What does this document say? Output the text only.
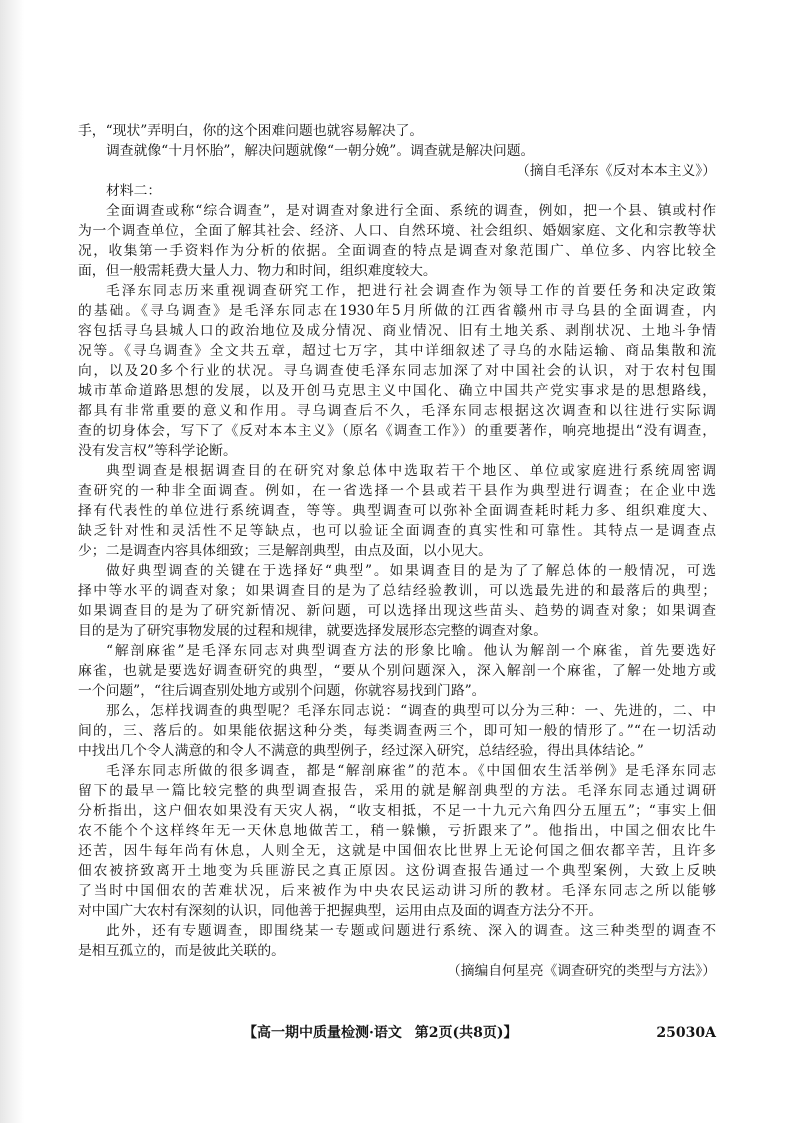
手，“现状”弄明白，你的这个困难问题也就容易解决了。
调查就像“十月怀胎”，解决问题就像“一朝分娩”。调查就是解决问题。
（摘自毛泽东《反对本本主义》）
材料二：
全面调查或称“综合调查”，是对调查对象进行全面、系统的调查，例如，把一个县、镇或村作
为一个调查单位，全面了解其社会、经济、人口、自然环境、社会组织、婚姻家庭、文化和宗教等状
况，收集第一手资料作为分析的依据。全面调查的特点是调查对象范围广、单位多、内容比较全
面，但一般需耗费大量人力、物力和时间，组织难度较大。
毛泽东同志历来重视调查研究工作，把进行社会调查作为领导工作的首要任务和决定政策
的基础。《寻乌调查》是毛泽东同志在1930年5月所做的江西省赣州市寻乌县的全面调查，内
容包括寻乌县城人口的政治地位及成分情况、商业情况、旧有土地关系、剥削状况、土地斗争情
况等。《寻乌调查》全文共五章，超过七万字，其中详细叙述了寻乌的水陆运输、商品集散和流
向，以及20多个行业的状况。寻乌调查使毛泽东同志加深了对中国社会的认识，对于农村包围
城市革命道路思想的发展，以及开创马克思主义中国化、确立中国共产党实事求是的思想路线，
都具有非常重要的意义和作用。寻乌调查后不久，毛泽东同志根据这次调查和以往进行实际调
查的切身体会，写下了《反对本本主义》（原名《调查工作》）的重要著作，响亮地提出“没有调查，
没有发言权”等科学论断。
典型调查是根据调查目的在研究对象总体中选取若干个地区、单位或家庭进行系统周密调
查研究的一种非全面调查。例如，在一省选择一个县或若干县作为典型进行调查；在企业中选
择有代表性的单位进行系统调查，等等。典型调查可以弥补全面调查耗时耗力多、组织难度大、
缺乏针对性和灵活性不足等缺点，也可以验证全面调查的真实性和可靠性。其特点一是调查点
少；二是调查内容具体细致；三是解剖典型，由点及面，以小见大。
做好典型调查的关键在于选择好“典型”。如果调查目的是为了了解总体的一般情况，可选
择中等水平的调查对象；如果调查目的是为了总结经验教训，可以选最先进的和最落后的典型；
如果调查目的是为了研究新情况、新问题，可以选择出现这些苗头、趋势的调查对象；如果调查
目的是为了研究事物发展的过程和规律，就要选择发展形态完整的调查对象。
“解剖麻雀”是毛泽东同志对典型调查方法的形象比喻。他认为解剖一个麻雀，首先要选好
麻雀，也就是要选好调查研究的典型，“要从个别问题深入，深入解剖一个麻雀，了解一处地方或
一个问题”，“往后调查别处地方或别个问题，你就容易找到门路”。
那么，怎样找调查的典型呢？毛泽东同志说：“调查的典型可以分为三种：一、先进的，二、中
间的，三、落后的。如果能依据这种分类，每类调查两三个，即可知一般的情形了。”“在一切活动
中找出几个令人满意的和令人不满意的典型例子，经过深入研究，总结经验，得出具体结论。”
毛泽东同志所做的很多调查，都是“解剖麻雀”的范本。《中国佃农生活举例》是毛泽东同志
留下的最早一篇比较完整的典型调查报告，采用的就是解剖典型的方法。毛泽东同志通过调研
分析指出，这户佃农如果没有天灾人祸，“收支相抵，不足一十九元六角四分五厘五”；“事实上佃
农不能个个这样终年无一天休息地做苦工，稍一躲懒，亏折跟来了”。他指出，中国之佃农比牛
还苦，因牛每年尚有休息，人则全无，这就是中国佃农比世界上无论何国之佃农都辛苦，且许多
佃农被挤致离开土地变为兵匪游民之真正原因。这份调查报告通过一个典型案例，大致上反映
了当时中国佃农的苦难状况，后来被作为中央农民运动讲习所的教材。毛泽东同志之所以能够
对中国广大农村有深刻的认识，同他善于把握典型，运用由点及面的调查方法分不开。
此外，还有专题调查，即围绕某一专题或问题进行系统、深入的调查。这三种类型的调查不
是相互孤立的，而是彼此关联的。
（摘编自何星亮《调查研究的类型与方法》）
【高一期中质量检测·语文 第2页(共8页)】	25030A
